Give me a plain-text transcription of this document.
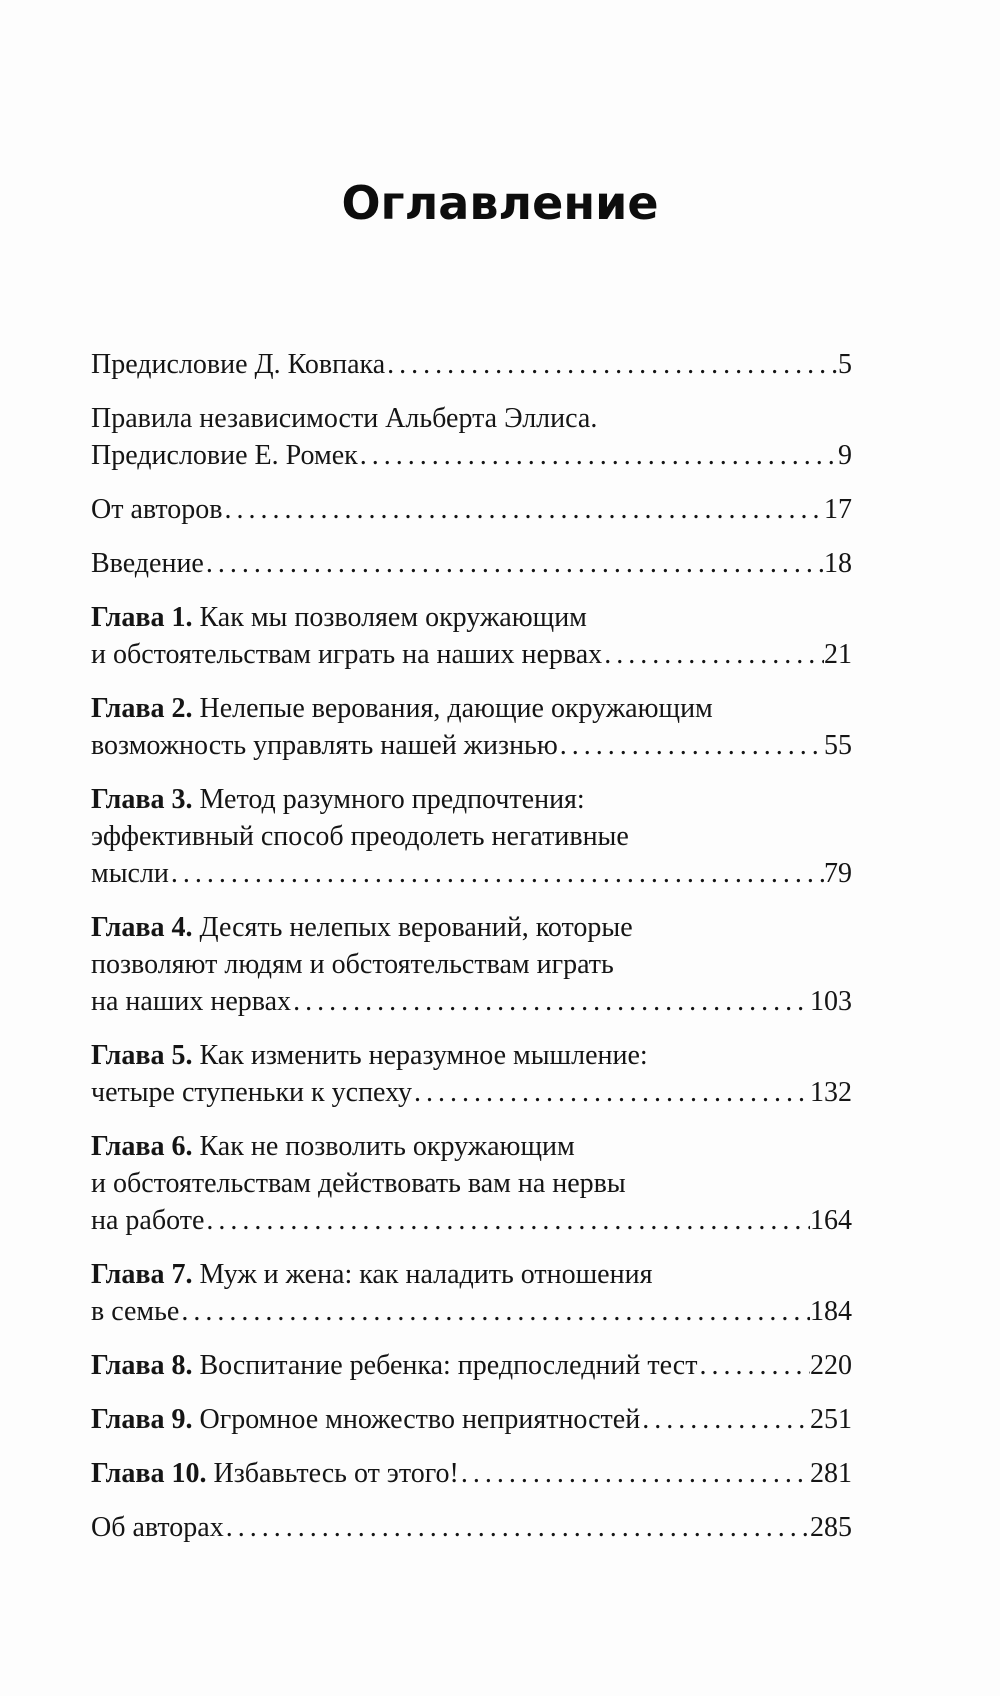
Оглавление
Предисловие Д. Ковпака . . .	5
Правила независимости Альберта Эллиса.
Предисловие Е. Ромек . . .	9
От авторов . . .	17
Введение . . .	18
Глава 1.
Как мы позволяем окружающим
и обстоятельствам играть на наших нервах . . .	21
Глава 2.
Нелепые верования, дающие окружающим
возможность управлять нашей жизнью . . .	55
Глава 3.
Метод разумного предпочтения:
эффективный способ преодолеть негативные
мысли . . .	79
Глава 4.
Десять нелепых верований, которые
позволяют людям и обстоятельствам играть
на наших нервах . . .	103
Глава 5.
Как изменить неразумное мышление:
четыре ступеньки к успеху . . .	132
Глава 6.
Как не позволить окружающим
и обстоятельствам действовать вам на нервы
на работе . . .	164
Глава 7.
Муж и жена: как наладить отношения
в семье . . .	184
Глава 8.
Воспитание ребенка: предпоследний тест . . .	220
Глава 9.
Огромное множество неприятностей . . .	251
Глава 10.
Избавьтесь от этого! . . .	281
Об авторах . . .	285
